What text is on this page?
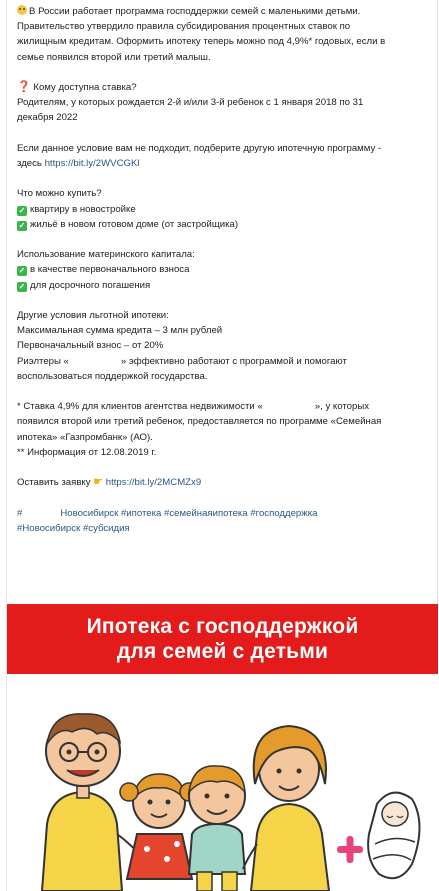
В России работает программа господдержки семей с маленькими детьми.

Правительство утвердило правила субсидирования процентных ставок по

жилищным кредитам. Оформить ипотеку теперь можно под 4,9%* годовых, если в

семье появился второй или третий малыш.

❓ Кому доступна ставка?

Родителям, у которых рождается 2-й и/или 3-й ребенок с 1 января 2018 по 31

декабря 2022

Если данное условие вам не подходит, подберите другую ипотечную программу -

здесь https://bit.ly/2WVCGKl

Что можно купить?

✓ квартиру в новостройке

✓ жильё в новом готовом доме (от застройщика)

Использование материнского капитала:

✓ в качестве первоначального взноса

✓ для досрочного погашения

Другие условия льготной ипотеки:

Максимальная сумма кредита – 3 млн рублей

Первоначальный взнос – от 20%

Риэлтеры «	» эффективно работают с программой и помогают

воспользоваться поддержкой государства.

* Ставка 4,9% для клиентов агентства недвижимости «	», у которых

появился второй или третий ребенок, предоставляется по программе «Семейная

ипотека» «Газпромбанк» (АО).

** Информация от 12.08.2019 г.

Оставить заявку ☛ https://bit.ly/2MCMZx9

#	Новосибирск #ипотека #семейнаяипотека #господдержка

#Новосибирск #субсидия

Ипотека с господдержкой
для семей с детьми
